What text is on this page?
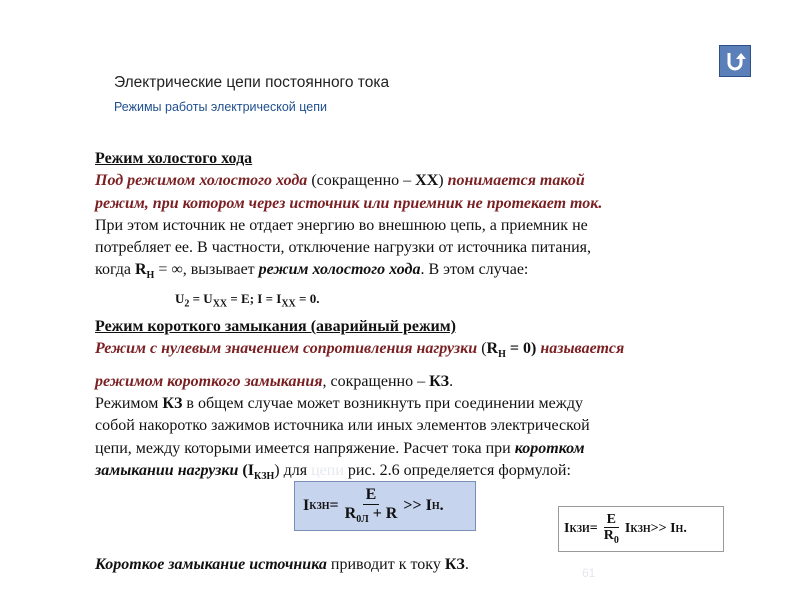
Электрические цепи постоянного тока
Режимы работы электрической цепи
Режим холостого хода
Под режимом холостого хода (сокращенно – ХХ) понимается такой
режим, при котором через источник или приемник не протекает ток.
При этом источник не отдает энергию во внешнюю цепь, а приемник не
потребляет ее. В частности, отключение нагрузки от источника питания,
когда $R_Н$ = ∞, вызывает режим холостого хода. В этом случае:
$U_2 = U_{XX} = E$; $I = I_{XX} = 0$.
Режим короткого замыкания (аварийный режим)
Режим с нулевым значением сопротивления нагрузки $(R_Н = 0)$ называется
режимом короткого замыкания, сокращенно – КЗ.
Режимом КЗ в общем случае может возникнуть при соединении между
собой накоротко зажимов источника или иных элементов электрической
цепи, между которыми имеется напряжение. Расчет тока при коротком
замыкании нагрузки $(I_{КЗН})$ для цепи рис. 2.6 определяется формулой:
Короткое замыкание источника приводит к току КЗ.
I КЗН = $\frac{E}{R_{0Л} + R} >> I$ Н .
I КЗИ = $\frac{E}{R_0}$ I КЗН >> I Н .
61
